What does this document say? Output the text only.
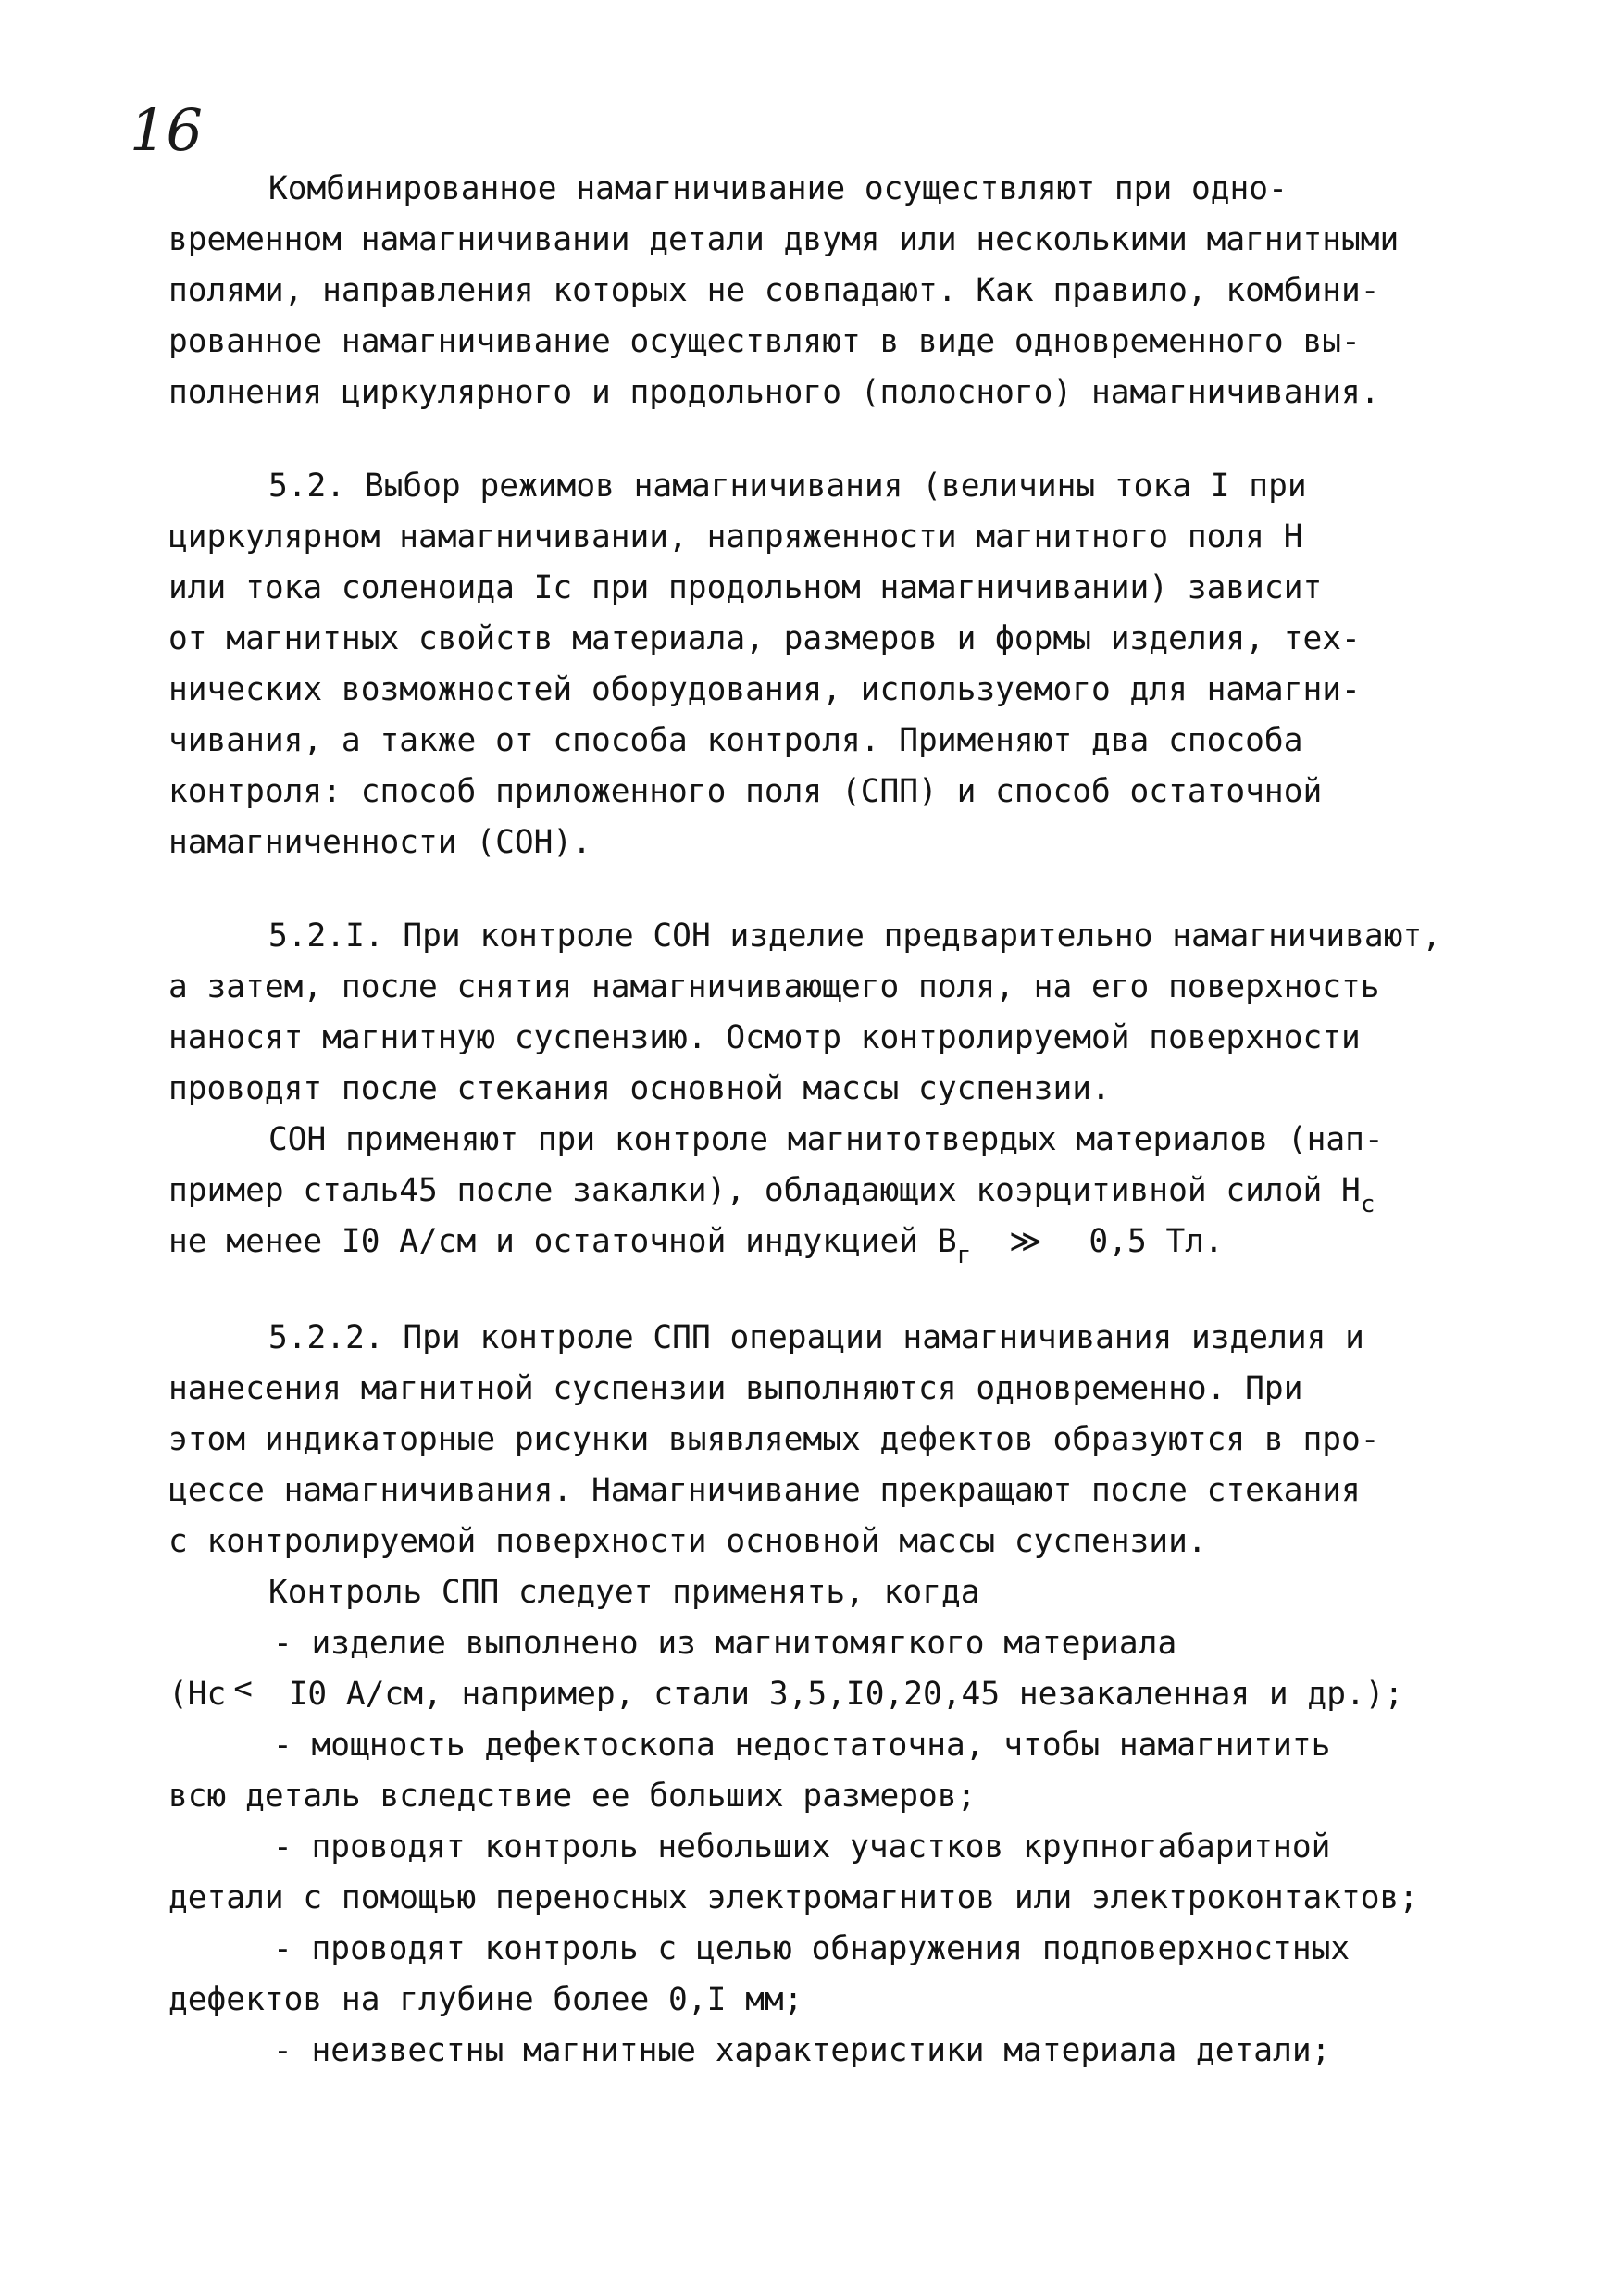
16
Комбинированное намагничивание осуществляют при одно-
временном намагничивании детали двумя или несколькими магнитными
полями, направления которых не совпадают. Как правило, комбини-
рованное намагничивание осуществляют в виде одновременного вы-
полнения циркулярного и продольного (полосного) намагничивания.
5.2. Выбор режимов намагничивания (величины тока I при
циркулярном намагничивании, напряженности магнитного поля Н
или тока соленоида Iс при продольном намагничивании) зависит
от магнитных свойств материала, размеров и формы изделия, тех-
нических возможностей оборудования, используемого для намагни-
чивания, а также от способа контроля. Применяют два способа
контроля: способ приложенного поля (СПП) и способ остаточной
намагниченности (СОН).
5.2.I. При контроле СОН изделие предварительно намагничивают,
а затем, после снятия намагничивающего поля, на его поверхность
наносят магнитную суспензию. Осмотр контролируемой поверхности
проводят после стекания основной массы суспензии.
СОН применяют при контроле магнитотвердых материалов (нап-
пример сталь45 после закалки), обладающих коэрцитивной силой $Н_с$
не менее I0 А/см и остаточной индукцией $В_г$ ≫ 0,5 Тл.
5.2.2. При контроле СПП операции намагничивания изделия и
нанесения магнитной суспензии выполняются одновременно. При
этом индикаторные рисунки выявляемых дефектов образуются в про-
цессе намагничивания. Намагничивание прекращают после стекания
с контролируемой поверхности основной массы суспензии.
Контроль СПП следует применять, когда
- изделие выполнено из магнитомягкого материала
(Нс < I0 А/см, например, стали 3,5,I0,20,45 незакаленная и др.);
- мощность дефектоскопа недостаточна, чтобы намагнитить
всю деталь вследствие ее больших размеров;
- проводят контроль небольших участков крупногабаритной
детали с помощью переносных электромагнитов или электроконтактов;
- проводят контроль с целью обнаружения подповерхностных
дефектов на глубине более 0,I мм;
- неизвестны магнитные характеристики материала детали;
